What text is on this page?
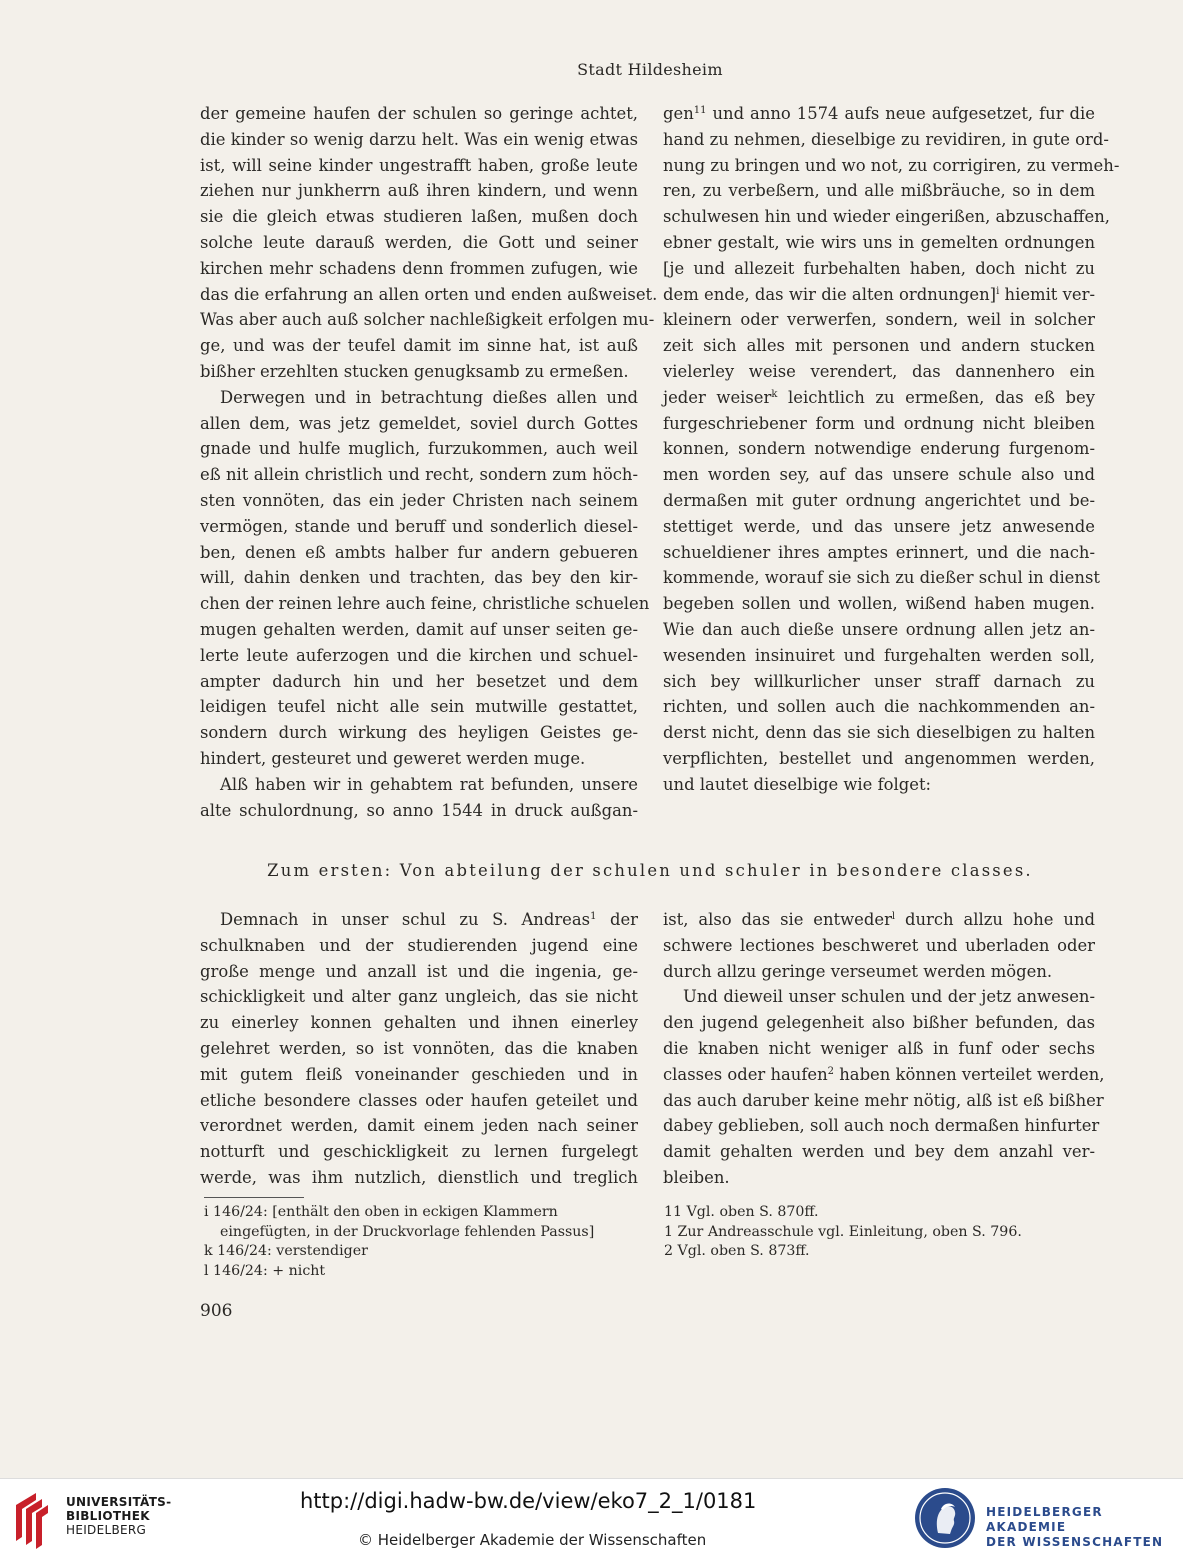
Stadt Hildesheim
der gemeine haufen der schulen so geringe achtet,
die kinder so wenig darzu helt. Was ein wenig etwas
ist, will seine kinder ungestrafft haben, große leute
ziehen nur junkherrn auß ihren kindern, und wenn
sie die gleich etwas studieren laßen, mußen doch
solche leute darauß werden, die Gott und seiner
kirchen mehr schadens denn frommen zufugen, wie
das die erfahrung an allen orten und enden außweiset.
Was aber auch auß solcher nachleßigkeit erfolgen mu-
ge, und was der teufel damit im sinne hat, ist auß
bißher erzehlten stucken genugksamb zu ermeßen.
Derwegen und in betrachtung dießes allen und
allen dem, was jetz gemeldet, soviel durch Gottes
gnade und hulfe muglich, furzukommen, auch weil
eß nit allein christlich und recht, sondern zum höch-
sten vonnöten, das ein jeder Christen nach seinem
vermögen, stande und beruff und sonderlich diesel-
ben, denen eß ambts halber fur andern gebueren
will, dahin denken und trachten, das bey den kir-
chen der reinen lehre auch feine, christliche schuelen
mugen gehalten werden, damit auf unser seiten ge-
lerte leute auferzogen und die kirchen und schuel-
ampter dadurch hin und her besetzet und dem
leidigen teufel nicht alle sein mutwille gestattet,
sondern durch wirkung des heyligen Geistes ge-
hindert, gesteuret und geweret werden muge.
Alß haben wir in gehabtem rat befunden, unsere
alte schulordnung, so anno 1544 in druck außgan-
gen$^{11}$ und anno 1574 aufs neue aufgesetzet, fur die
hand zu nehmen, dieselbige zu revidiren, in gute ord-
nung zu bringen und wo not, zu corrigiren, zu vermeh-
ren, zu verbeßern, und alle mißbräuche, so in dem
schulwesen hin und wieder eingerißen, abzuschaffen,
ebner gestalt, wie wirs uns in gemelten ordnungen
[je und allezeit furbehalten haben, doch nicht zu
dem ende, das wir die alten ordnungen]$^i$ hiemit ver-
kleinern oder verwerfen, sondern, weil in solcher
zeit sich alles mit personen und andern stucken
vielerley weise verendert, das dannenhero ein
jeder weiser$^k$ leichtlich zu ermeßen, das eß bey
furgeschriebener form und ordnung nicht bleiben
konnen, sondern notwendige enderung furgenom-
men worden sey, auf das unsere schule also und
dermaßen mit guter ordnung angerichtet und be-
stettiget werde, und das unsere jetz anwesende
schueldiener ihres amptes erinnert, und die nach-
kommende, worauf sie sich zu dießer schul in dienst
begeben sollen und wollen, wißend haben mugen.
Wie dan auch dieße unsere ordnung allen jetz an-
wesenden insinuiret und furgehalten werden soll,
sich bey willkurlicher unser straff darnach zu
richten, und sollen auch die nachkommenden an-
derst nicht, denn das sie sich dieselbigen zu halten
verpflichten, bestellet und angenommen werden,
und lautet dieselbige wie folget:
Zum ersten: Von abteilung der schulen und schuler in besondere classes.
Demnach in unser schul zu S. Andreas$^1$ der
schulknaben und der studierenden jugend eine
große menge und anzall ist und die ingenia, ge-
schickligkeit und alter ganz ungleich, das sie nicht
zu einerley konnen gehalten und ihnen einerley
gelehret werden, so ist vonnöten, das die knaben
mit gutem fleiß voneinander geschieden und in
etliche besondere classes oder haufen geteilet und
verordnet werden, damit einem jeden nach seiner
notturft und geschickligkeit zu lernen furgelegt
werde, was ihm nutzlich, dienstlich und treglich
ist, also das sie entweder$^l$ durch allzu hohe und
schwere lectiones beschweret und uberladen oder
durch allzu geringe verseumet werden mögen.
Und dieweil unser schulen und der jetz anwesen-
den jugend gelegenheit also bißher befunden, das
die knaben nicht weniger alß in funf oder sechs
classes oder haufen$^2$ haben können verteilet werden,
das auch daruber keine mehr nötig, alß ist eß bißher
dabey geblieben, soll auch noch dermaßen hinfurter
damit gehalten werden und bey dem anzahl ver-
bleiben.
i 146/24: [enthält den oben in eckigen Klammern
eingefügten, in der Druckvorlage fehlenden Passus]
k 146/24: verstendiger
l 146/24: + nicht
11 Vgl. oben S. 870ff.
1 Zur Andreasschule vgl. Einleitung, oben S. 796.
2 Vgl. oben S. 873ff.
906
UNIVERSITÄTS-
BIBLIOTHEK
HEIDELBERG
http://digi.hadw-bw.de/view/eko7_2_1/0181
© Heidelberger Akademie der Wissenschaften
HEIDELBERGER AKADEMIE
DER WISSENSCHAFTEN
